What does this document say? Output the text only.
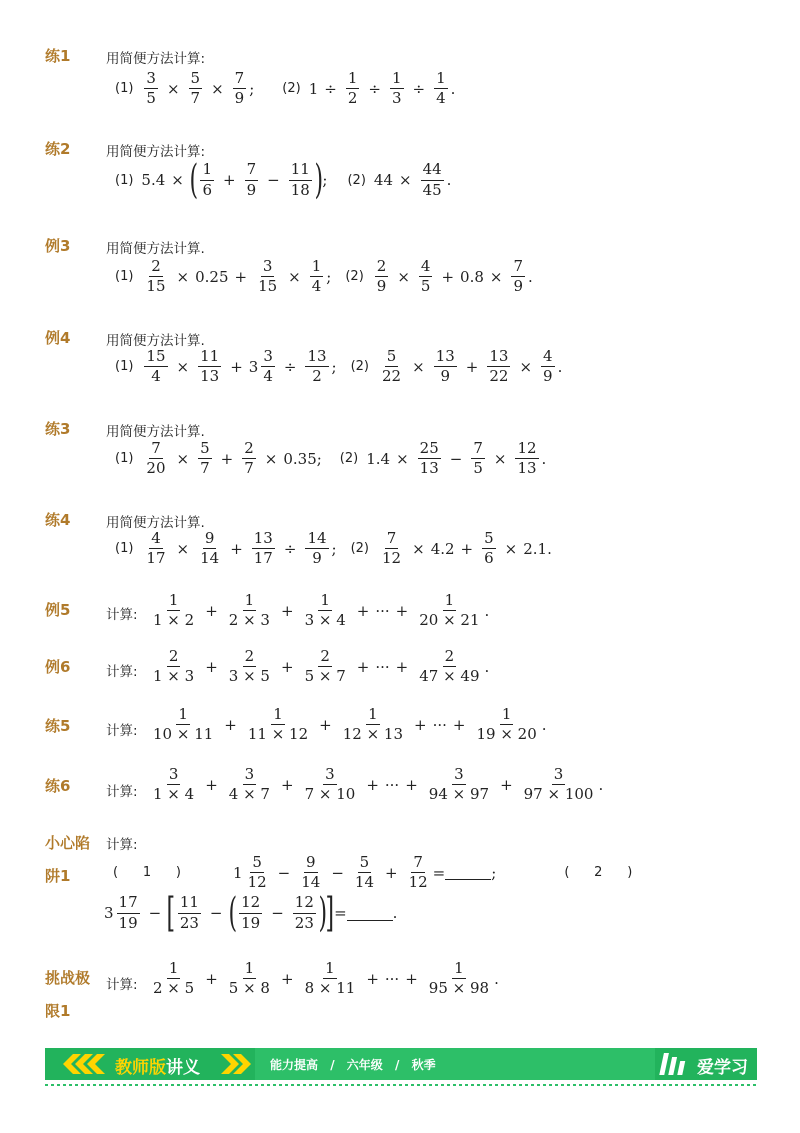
练1	用简便方法计算:
$(1) \frac{3}{5} \times \frac{5}{7} \times \frac{7}{9}$ ; (2) $1 \div \frac{1}{2} \div \frac{1}{3} \div \frac{1}{4}$ .
练2	用简便方法计算:
(1) 5.4 × ( $\frac{1}{6} + \frac{7}{9} - \frac{11}{18}$ ) ; (2) $44 \times \frac{44}{45}$ .
例3	用简便方法计算.
$(1) \frac{2}{15} \times 0.25 + \frac{3}{15} \times \frac{1}{4}$ ; $(2) \frac{2}{9} \times \frac{4}{5} + 0.8 \times \frac{7}{9}$ .
例4	用简便方法计算.
$(1) \frac{15}{4} \times \frac{11}{13} + 3 \frac{3}{4} \div \frac{13}{2}$ ; $(2) \frac{5}{22} \times \frac{13}{9} + \frac{13}{22} \times \frac{4}{9}$ .
练3	用简便方法计算.
$(1) \frac{7}{20} \times \frac{5}{7} + \frac{2}{7} \times 0.35$; (2) $1.4 \times \frac{25}{13} - \frac{7}{5} \times \frac{12}{13}$ .
练4	用简便方法计算.
$(1) \frac{4}{17} \times \frac{9}{14} + \frac{13}{17} \div \frac{14}{9}$ ; $(2) \frac{7}{12} \times 4.2 + \frac{5}{6} \times 2.1$.
例5	计算: $\frac{1}{1 \times 2} + \frac{1}{2 \times 3} + \frac{1}{3 \times 4}$ + ··· + $\frac{1}{20 \times 21}$ .
例6	计算: $\frac{2}{1 \times 3} + \frac{2}{3 \times 5} + \frac{2}{5 \times 7}$ + ··· + $\frac{2}{47 \times 49}$ .
练5	计算: $\frac{1}{10 \times 11} + \frac{1}{11 \times 12} + \frac{1}{12 \times 13}$ + ··· + $\frac{1}{19 \times 20}$ .
练6	计算: $\frac{3}{1 \times 4} + \frac{3}{4 \times 7} + \frac{3}{7 \times 10}$ + ··· + $\frac{3}{94 \times 97} + \frac{3}{97 \times 100}$ .
小心陷
阱1
计算:
(      1      )	$1 \frac{5}{12} - \frac{9}{14} - \frac{5}{14} + \frac{7}{12}$ =	;	(      2      )
$3 \frac{17}{19}$ − [ $\frac{11}{23}$ − ( $\frac{12}{19} - \frac{12}{23}$ ) ] =	.
挑战极
限1
计算: $\frac{1}{2 \times 5} + \frac{1}{5 \times 8} + \frac{1}{8 \times 11}$ + ··· + $\frac{1}{95 \times 98}$ .
教师版讲义	能力提高 / 六年级 / 秋季	爱学习
